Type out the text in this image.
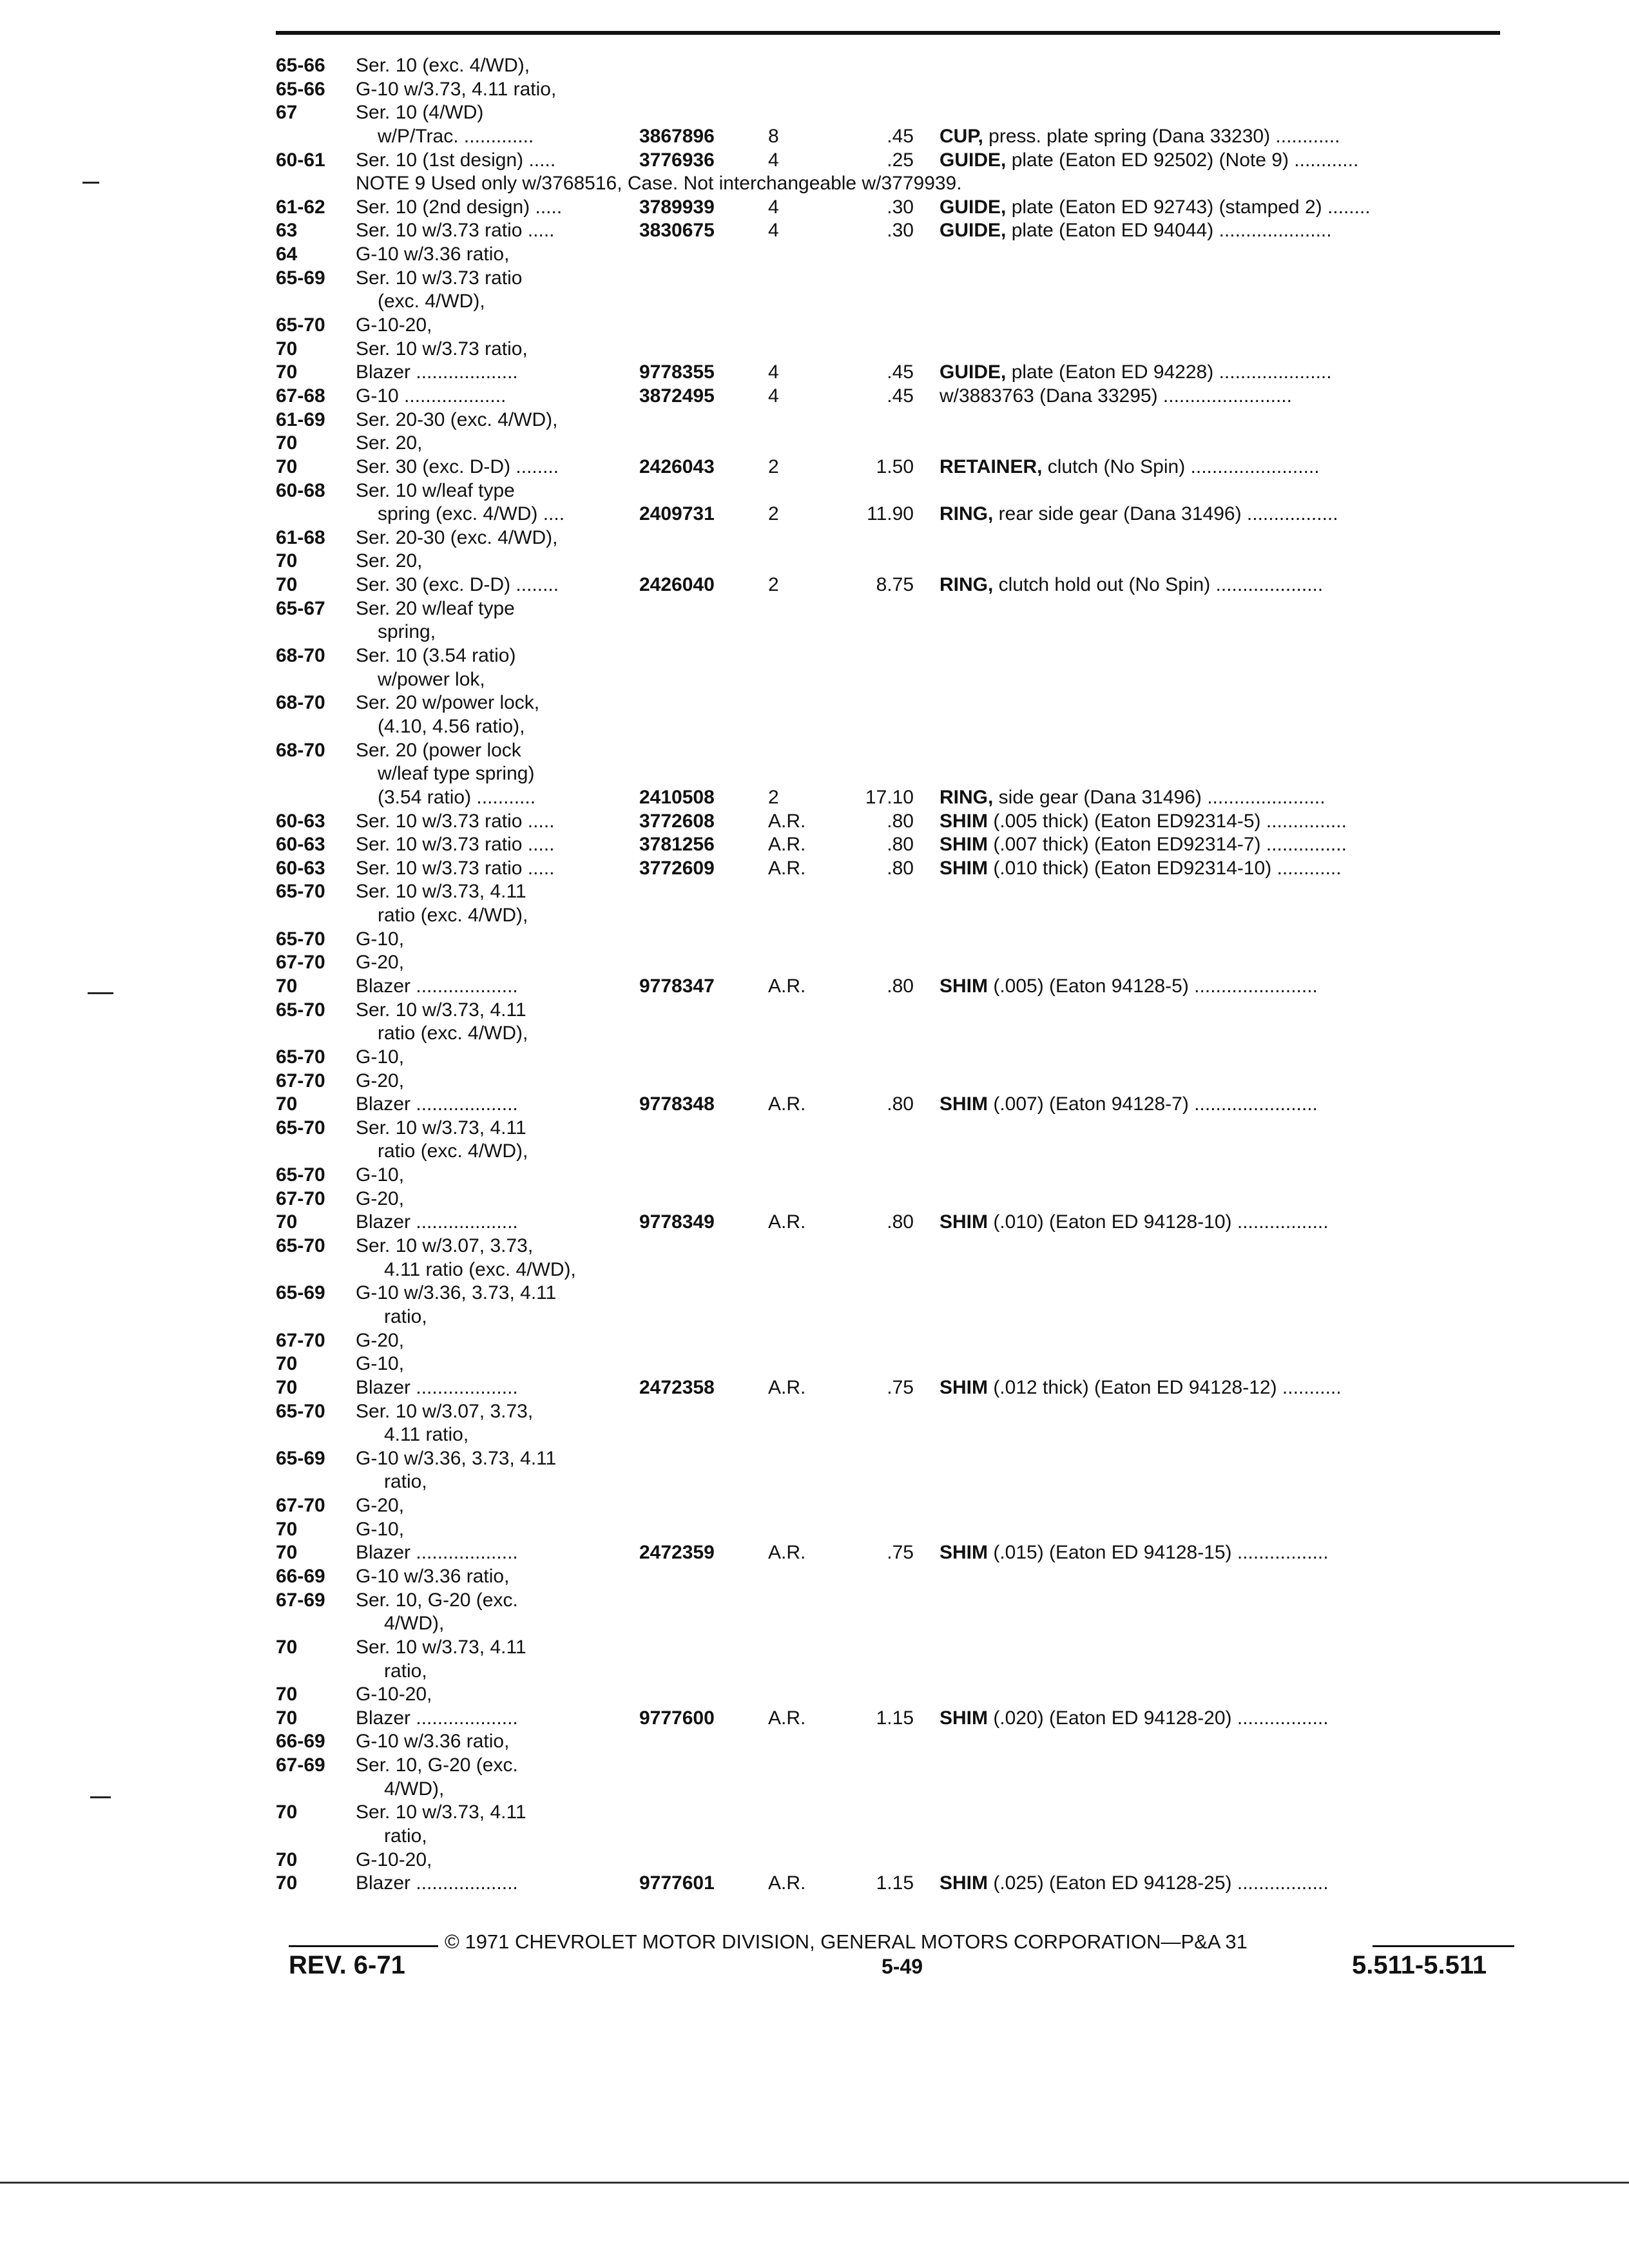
65-66 Ser. 10 (exc. 4/WD),
65-66 G-10 w/3.73, 4.11 ratio,
67	Ser. 10 (4/WD)
w/P/Trac. .............	3867896	8	.45 CUP, press. plate spring (Dana 33230) ............
60-61 Ser. 10 (1st design) .....	3776936	4	.25 GUIDE, plate (Eaton ED 92502) (Note 9) ............
NOTE 9 Used only w/3768516, Case. Not interchangeable w/3779939.
61-62 Ser. 10 (2nd design) .....	3789939	4	.30 GUIDE, plate (Eaton ED 92743) (stamped 2) ........
63	Ser. 10 w/3.73 ratio .....	3830675	4	.30 GUIDE, plate (Eaton ED 94044) .....................
64	G-10 w/3.36 ratio,
65-69 Ser. 10 w/3.73 ratio
(exc. 4/WD),
65-70 G-10-20,
70	Ser. 10 w/3.73 ratio,
70	Blazer ...................	9778355	4	.45 GUIDE, plate (Eaton ED 94228) .....................
67-68 G-10 ...................	3872495	4	.45 w/3883763 (Dana 33295) ........................
61-69 Ser. 20-30 (exc. 4/WD),
70	Ser. 20,
70	Ser. 30 (exc. D-D) ........	2426043	2	1.50 RETAINER, clutch (No Spin) ........................
60-68 Ser. 10 w/leaf type
spring (exc. 4/WD) ....	2409731	2	11.90 RING, rear side gear (Dana 31496) .................
61-68 Ser. 20-30 (exc. 4/WD),
70	Ser. 20,
70	Ser. 30 (exc. D-D) ........	2426040	2	8.75 RING, clutch hold out (No Spin) ....................
65-67 Ser. 20 w/leaf type
spring,
68-70 Ser. 10 (3.54 ratio)
w/power lok,
68-70 Ser. 20 w/power lock,
(4.10, 4.56 ratio),
68-70 Ser. 20 (power lock
w/leaf type spring)
(3.54 ratio) ...........	2410508	2	17.10 RING, side gear (Dana 31496) ......................
60-63 Ser. 10 w/3.73 ratio .....	3772608	A.R.	.80 SHIM (.005 thick) (Eaton ED92314-5) ...............
60-63 Ser. 10 w/3.73 ratio .....	3781256	A.R.	.80 SHIM (.007 thick) (Eaton ED92314-7) ...............
60-63 Ser. 10 w/3.73 ratio .....	3772609	A.R.	.80 SHIM (.010 thick) (Eaton ED92314-10) ............
65-70 Ser. 10 w/3.73, 4.11
ratio (exc. 4/WD),
65-70 G-10,
67-70 G-20,
70	Blazer ...................	9778347	A.R.	.80 SHIM (.005) (Eaton 94128-5) .......................
65-70 Ser. 10 w/3.73, 4.11
ratio (exc. 4/WD),
65-70 G-10,
67-70 G-20,
70	Blazer ...................	9778348	A.R.	.80 SHIM (.007) (Eaton 94128-7) .......................
65-70 Ser. 10 w/3.73, 4.11
ratio (exc. 4/WD),
65-70 G-10,
67-70 G-20,
70	Blazer ...................	9778349	A.R.	.80 SHIM (.010) (Eaton ED 94128-10) .................
65-70 Ser. 10 w/3.07, 3.73,
4.11 ratio (exc. 4/WD),
65-69 G-10 w/3.36, 3.73, 4.11
ratio,
67-70 G-20,
70	G-10,
70	Blazer ...................	2472358	A.R.	.75 SHIM (.012 thick) (Eaton ED 94128-12) ...........
65-70 Ser. 10 w/3.07, 3.73,
4.11 ratio,
65-69 G-10 w/3.36, 3.73, 4.11
ratio,
67-70 G-20,
70	G-10,
70	Blazer ...................	2472359	A.R.	.75 SHIM (.015) (Eaton ED 94128-15) .................
66-69 G-10 w/3.36 ratio,
67-69 Ser. 10, G-20 (exc.
4/WD),
70	Ser. 10 w/3.73, 4.11
ratio,
70	G-10-20,
70	Blazer ...................	9777600	A.R.	1.15 SHIM (.020) (Eaton ED 94128-20) .................
66-69 G-10 w/3.36 ratio,
67-69 Ser. 10, G-20 (exc.
4/WD),
70	Ser. 10 w/3.73, 4.11
ratio,
70	G-10-20,
70	Blazer ...................	9777601	A.R.	1.15 SHIM (.025) (Eaton ED 94128-25) .................
© 1971 CHEVROLET MOTOR DIVISION, GENERAL MOTORS CORPORATION—P&A 31
REV. 6-71	5-49	5.511-5.511
